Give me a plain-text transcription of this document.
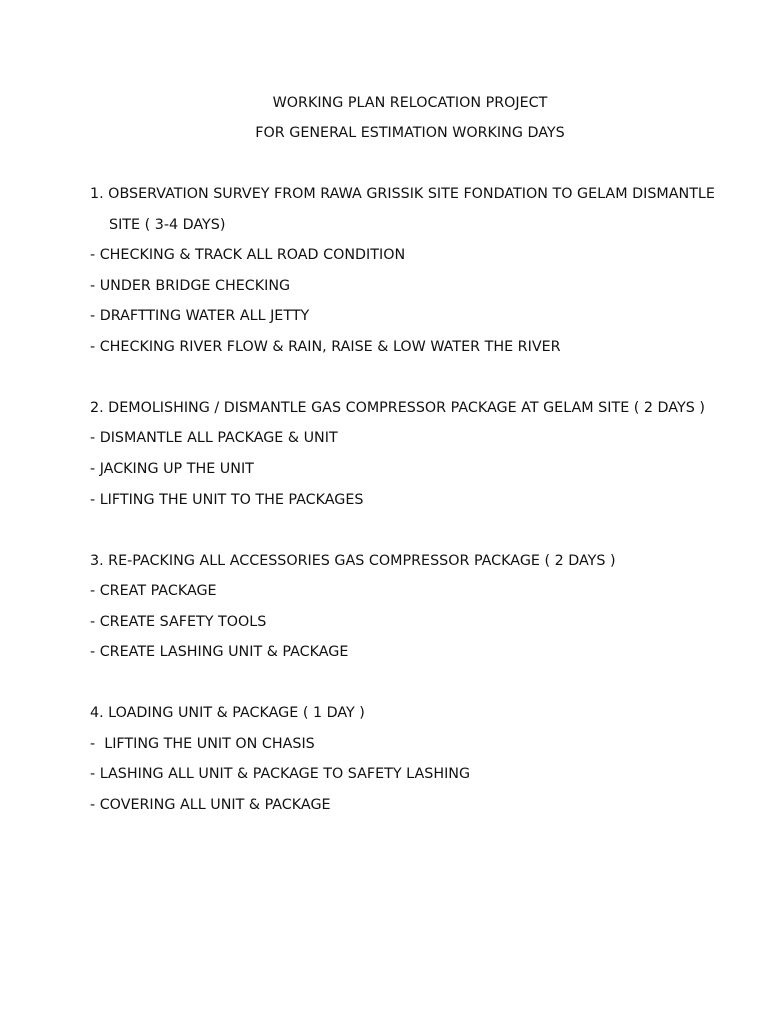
WORKING PLAN RELOCATION PROJECT
FOR GENERAL ESTIMATION WORKING DAYS
1. OBSERVATION SURVEY FROM RAWA GRISSIK SITE FONDATION TO GELAM DISMANTLE
SITE ( 3-4 DAYS)
- CHECKING & TRACK ALL ROAD CONDITION
- UNDER BRIDGE CHECKING
- DRAFTTING WATER ALL JETTY
- CHECKING RIVER FLOW & RAIN, RAISE & LOW WATER THE RIVER
2. DEMOLISHING / DISMANTLE GAS COMPRESSOR PACKAGE AT GELAM SITE ( 2 DAYS )
- DISMANTLE ALL PACKAGE & UNIT
- JACKING UP THE UNIT
- LIFTING THE UNIT TO THE PACKAGES
3. RE-PACKING ALL ACCESSORIES GAS COMPRESSOR PACKAGE ( 2 DAYS )
- CREAT PACKAGE
- CREATE SAFETY TOOLS
- CREATE LASHING UNIT & PACKAGE
4. LOADING UNIT & PACKAGE ( 1 DAY )
-  LIFTING THE UNIT ON CHASIS
- LASHING ALL UNIT & PACKAGE TO SAFETY LASHING
- COVERING ALL UNIT & PACKAGE
